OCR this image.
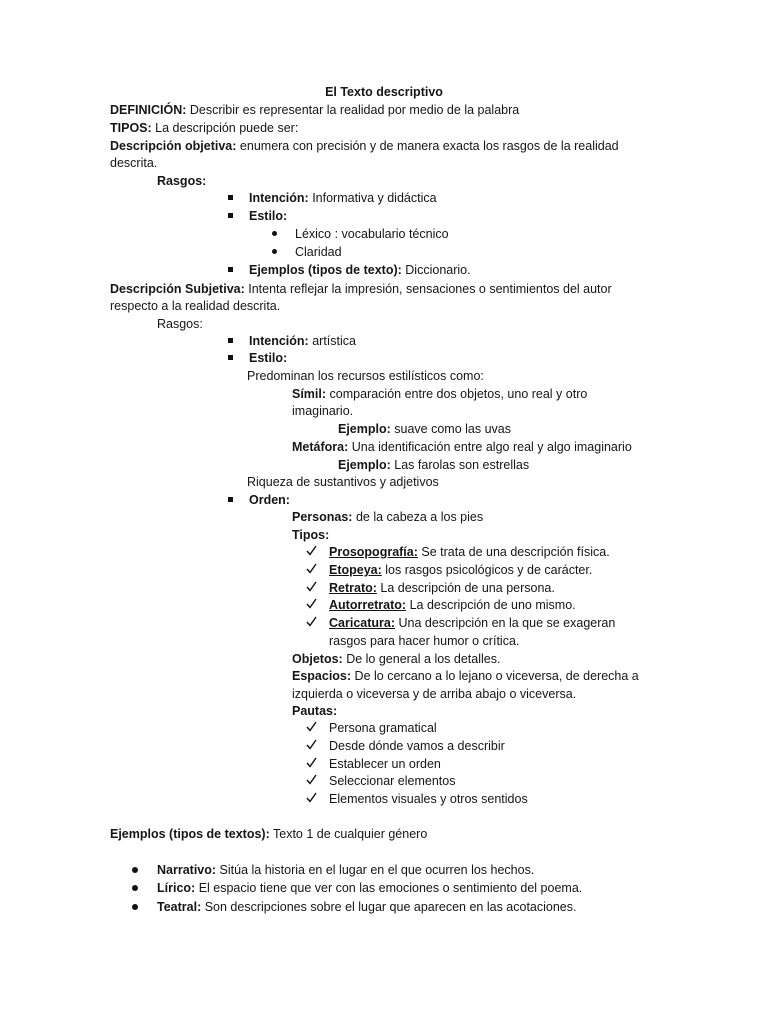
El Texto descriptivo
DEFINICIÓN: Describir es representar la realidad por medio de la palabra
TIPOS: La descripción puede ser:
Descripción objetiva: enumera con precisión y de manera exacta los rasgos de la realidad
descrita.
Rasgos:
Intención: Informativa y didáctica
Estilo:
Léxico : vocabulario técnico
Claridad
Ejemplos (tipos de texto): Diccionario.
Descripción Subjetiva: Intenta reflejar la impresión, sensaciones o sentimientos del autor
respecto a la realidad descrita.
Rasgos:
Intención: artística
Estilo:
Predominan los recursos estilísticos como:
Símil: comparación entre dos objetos, uno real y otro
imaginario.
Ejemplo: suave como las uvas
Metáfora: Una identificación entre algo real y algo imaginario
Ejemplo: Las farolas son estrellas
Riqueza de sustantivos y adjetivos
Orden:
Personas: de la cabeza a los pies
Tipos:
Prosopografía: Se trata de una descripción física.
Etopeya: los rasgos psicológicos y de carácter.
Retrato: La descripción de una persona.
Autorretrato: La descripción de uno mismo.
Caricatura: Una descripción en la que se exageran
rasgos para hacer humor o crítica.
Objetos: De lo general a los detalles.
Espacios: De lo cercano a lo lejano o viceversa, de derecha a
izquierda o viceversa y de arriba abajo o viceversa.
Pautas:
Persona gramatical
Desde dónde vamos a describir
Establecer un orden
Seleccionar elementos
Elementos visuales y otros sentidos
Ejemplos (tipos de textos): Texto 1 de cualquier género
Narrativo: Sitúa la historia en el lugar en el que ocurren los hechos.
Lírico: El espacio tiene que ver con las emociones o sentimiento del poema.
Teatral: Son descripciones sobre el lugar que aparecen en las acotaciones.
